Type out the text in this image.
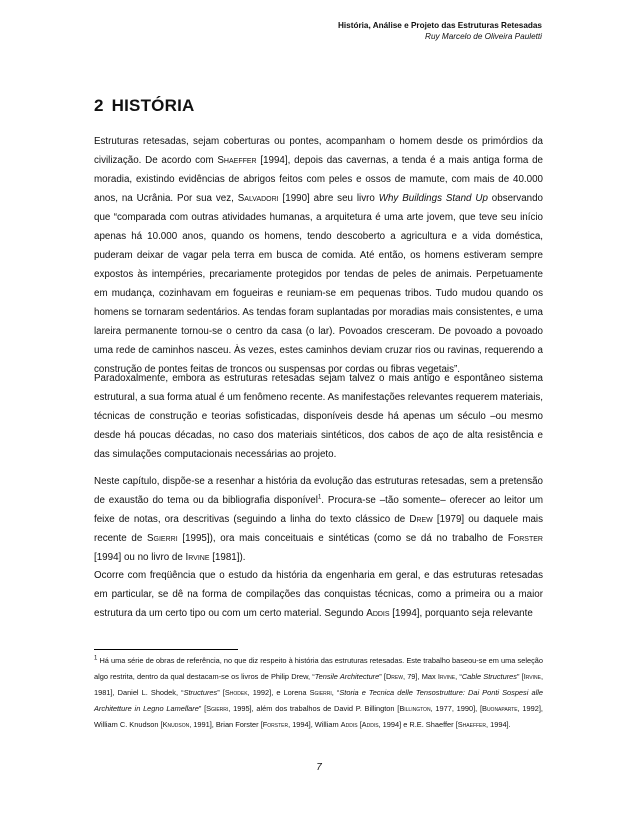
História, Análise e Projeto das Estruturas Retesadas
Ruy Marcelo de Oliveira Pauletti
2 HISTÓRIA

Estruturas retesadas, sejam coberturas ou pontes, acompanham o homem desde os primórdios da civilização. De acordo com Shaeffer [1994], depois das cavernas, a tenda é a mais antiga forma de moradia, existindo evidências de abrigos feitos com peles e ossos de mamute, com mais de 40.000 anos, na Ucrânia. Por sua vez, Salvadori [1990] abre seu livro Why Buildings Stand Up observando que “comparada com outras atividades humanas, a arquitetura é uma arte jovem, que teve seu início apenas há 10.000 anos, quando os homens, tendo descoberto a agricultura e a vida doméstica, puderam deixar de vagar pela terra em busca de comida. Até então, os homens estiveram sempre expostos às intempéries, precariamente protegidos por tendas de peles de animais. Perpetuamente em mudança, cozinhavam em fogueiras e reuniam-se em pequenas tribos. Tudo mudou quando os homens se tornaram sedentários. As tendas foram suplantadas por moradias mais consistentes, e uma lareira permanente tornou-se o centro da casa (o lar). Povoados cresceram. De povoado a povoado uma rede de caminhos nasceu. Às vezes, estes caminhos deviam cruzar rios ou ravinas, requerendo a construção de pontes feitas de troncos ou suspensas por cordas ou fibras vegetais”.

Paradoxalmente, embora as estruturas retesadas sejam talvez o mais antigo e espontâneo sistema estrutural, a sua forma atual é um fenômeno recente. As manifestações relevantes requerem materiais, técnicas de construção e teorias sofisticadas, disponíveis desde há apenas um século –ou mesmo desde há poucas décadas, no caso dos materiais sintéticos, dos cabos de aço de alta resistência e das simulações computacionais necessárias ao projeto.

Neste capítulo, dispõe-se a resenhar a história da evolução das estruturas retesadas, sem a pretensão de exaustão do tema ou da bibliografia disponível$^1$. Procura-se –tão somente– oferecer ao leitor um feixe de notas, ora descritivas (seguindo a linha do texto clássico de Drew [1979] ou daquele mais recente de Sgierri [1995]), ora mais conceituais e sintéticas (como se dá no trabalho de Forster [1994] ou no livro de Irvine [1981]).

Ocorre com freqüência que o estudo da história da engenharia em geral, e das estruturas retesadas em particular, se dê na forma de compilações das conquistas técnicas, como a primeira ou a maior estrutura da um certo tipo ou com um certo material. Segundo Addis [1994], porquanto seja relevante

$^1$ Há uma série de obras de referência, no que diz respeito à história das estruturas retesadas. Este trabalho baseou-se em uma seleção algo restrita, dentro da qual destacam-se os livros de Philip Drew, “Tensile Architecture” [Drew, 79], Max Irvine, “Cable Structures” [Irvine, 1981], Daniel L. Shodek, “Structures” [Shodek, 1992], e Lorena Sgierri, “Storia e Tecnica delle Tensostrutture: Dai Ponti Sospesi alle Architetture in Legno Lamellare” [Sgierri, 1995], além dos trabalhos de David P. Billington [Billington, 1977, 1990], [Buonaparte, 1992], William C. Knudson [Knudson, 1991], Brian Forster [Forster, 1994], William Addis [Addis, 1994] e R.E. Shaeffer [Shaeffer, 1994].

7
